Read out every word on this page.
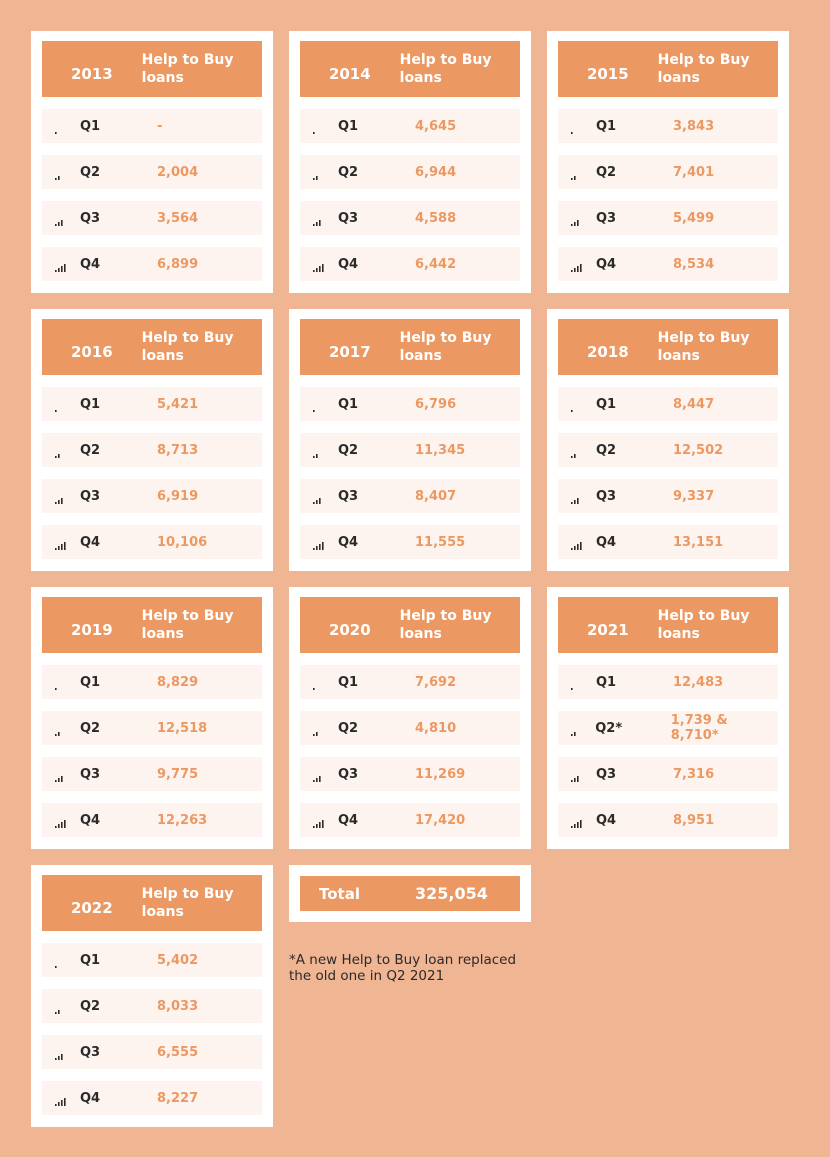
2013
Help to Buy loans
Q1	-
Q2	2,004
Q3	3,564
Q4	6,899
2014
Help to Buy loans
Q1	4,645
Q2	6,944
Q3	4,588
Q4	6,442
2015
Help to Buy loans
Q1	3,843
Q2	7,401
Q3	5,499
Q4	8,534
2016
Help to Buy loans
Q1	5,421
Q2	8,713
Q3	6,919
Q4	10,106
2017
Help to Buy loans
Q1	6,796
Q2	11,345
Q3	8,407
Q4	11,555
2018
Help to Buy loans
Q1	8,447
Q2	12,502
Q3	9,337
Q4	13,151
2019
Help to Buy loans
Q1	8,829
Q2	12,518
Q3	9,775
Q4	12,263
2020
Help to Buy loans
Q1	7,692
Q2	4,810
Q3	11,269
Q4	17,420
2021
Help to Buy loans
Q1	12,483
Q2*	1,739 & 8,710*
Q3	7,316
Q4	8,951
2022
Help to Buy loans
Q1	5,402
Q2	8,033
Q3	6,555
Q4	8,227
Total	325,054
*A new Help to Buy loan replaced the old one in Q2 2021
